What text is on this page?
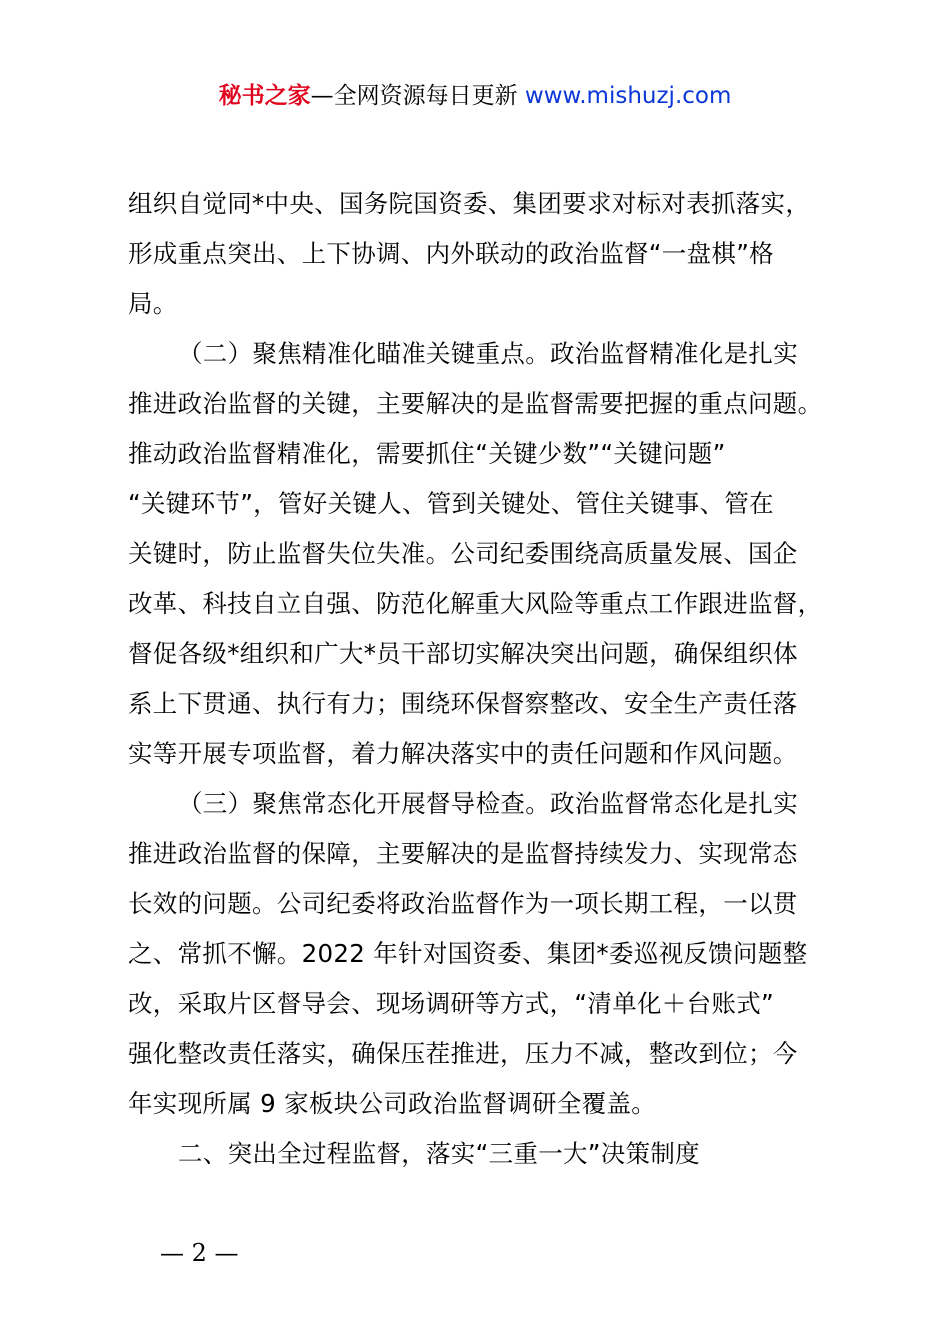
秘书之家—全网资源每日更新 www.mishuzj.com
组织自觉同*中央、国务院国资委、集团要求对标对表抓落实，
形成重点突出、上下协调、内外联动的政治监督“一盘棋”格
局。
（二）聚焦精准化瞄准关键重点。政治监督精准化是扎实
推进政治监督的关键，主要解决的是监督需要把握的重点问题。
推动政治监督精准化，需要抓住“关键少数”“关键问题”
“关键环节”，管好关键人、管到关键处、管住关键事、管在
关键时，防止监督失位失准。公司纪委围绕高质量发展、国企
改革、科技自立自强、防范化解重大风险等重点工作跟进监督，
督促各级*组织和广大*员干部切实解决突出问题，确保组织体
系上下贯通、执行有力；围绕环保督察整改、安全生产责任落
实等开展专项监督，着力解决落实中的责任问题和作风问题。
（三）聚焦常态化开展督导检查。政治监督常态化是扎实
推进政治监督的保障，主要解决的是监督持续发力、实现常态
长效的问题。公司纪委将政治监督作为一项长期工程，一以贯
之、常抓不懈。2022 年针对国资委、集团*委巡视反馈问题整
改，采取片区督导会、现场调研等方式，“清单化＋台账式”
强化整改责任落实，确保压茬推进，压力不减，整改到位；今
年实现所属 9 家板块公司政治监督调研全覆盖。
二、突出全过程监督，落实“三重一大”决策制度
— 2 —
